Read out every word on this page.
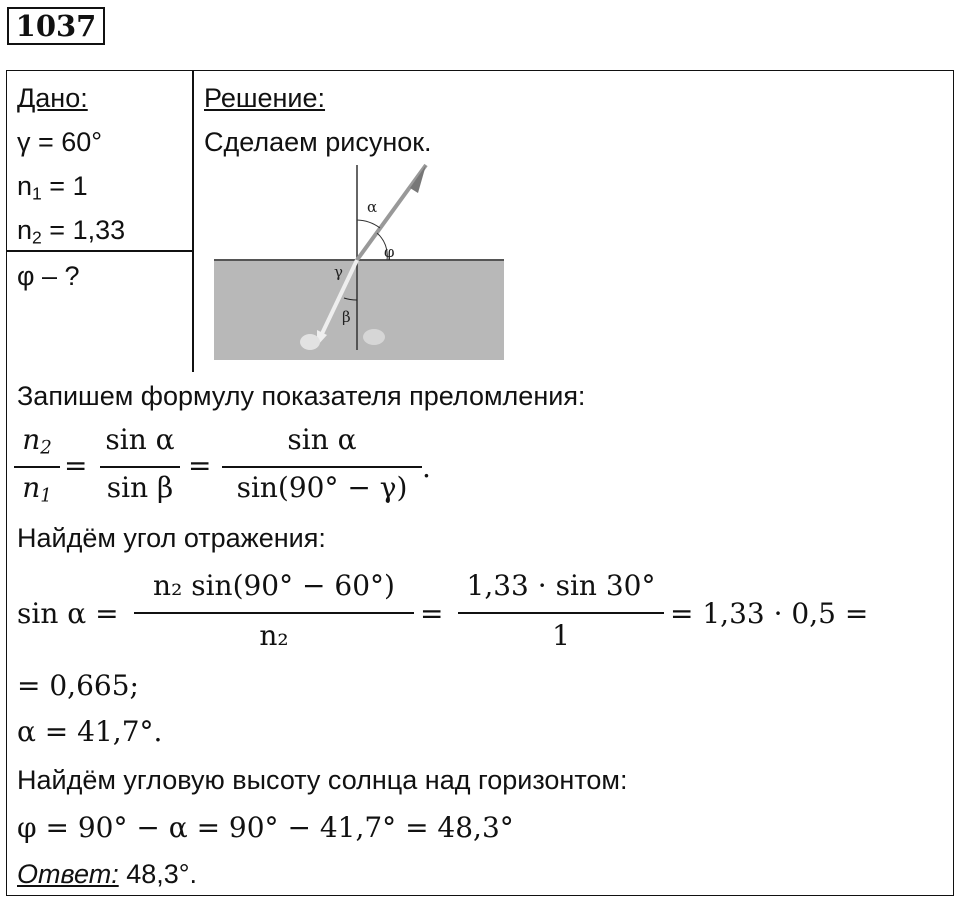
1037
Дано:
γ = 60°
$n_1 = 1$
$n_2 = 1,33$
φ – ?
Решение:
Сделаем рисунок.
α
φ
γ
β
Запишем формулу показателя преломления:
$n_2$
$n_1$
=
sin α
sin β
=
sin α
sin(90° − γ)
.
Найдём угол отражения:
sin α =
n₂ sin(90° − 60°)
n₂
=
1,33 · sin 30°
1
= 1,33 · 0,5 =
= 0,665;
α = 41,7°.
Найдём угловую высоту солнца над горизонтом:
φ = 90° − α = 90° − 41,7° = 48,3°
Ответ: 48,3°.
